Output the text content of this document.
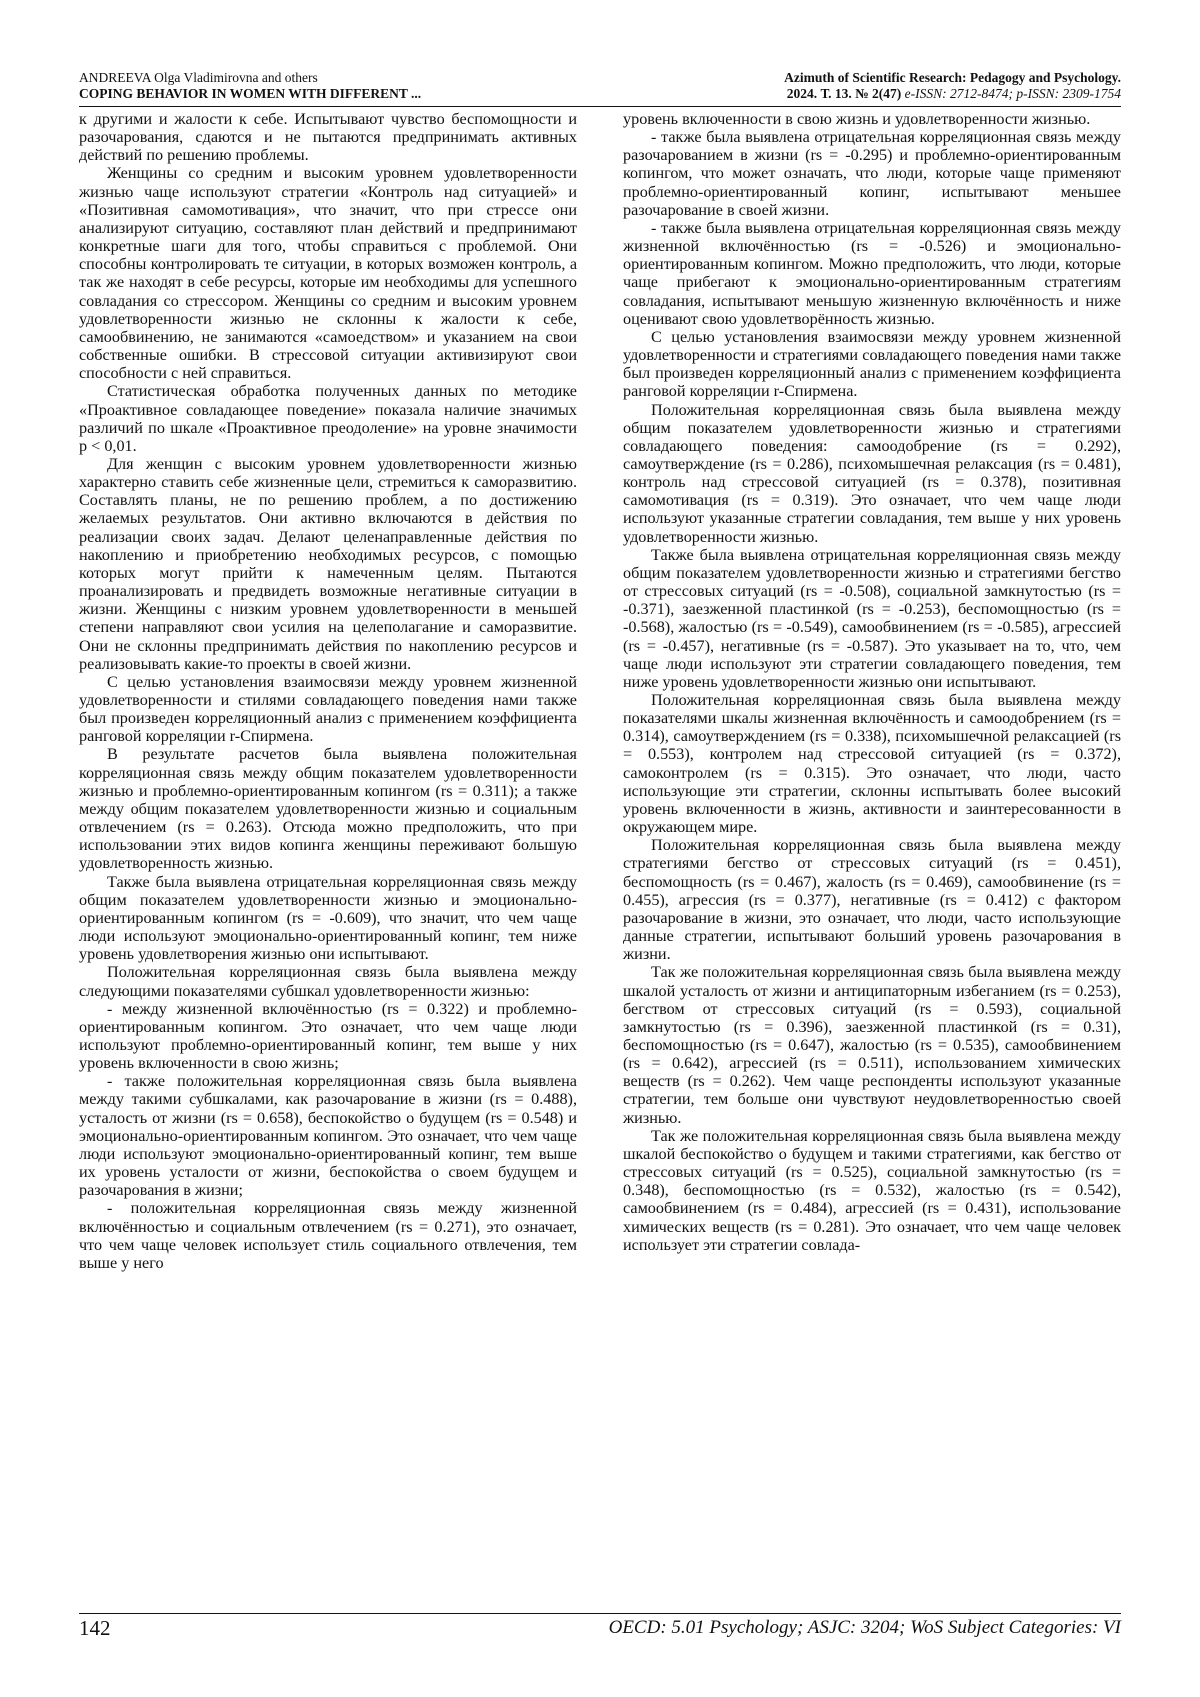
ANDREEVA Olga Vladimirovna and others
COPING BEHAVIOR IN WOMEN WITH DIFFERENT ...
Azimuth of Scientific Research: Pedagogy and Psychology.
2024. Т. 13. № 2(47) e-ISSN: 2712-8474; p-ISSN: 2309-1754

к другими и жалости к себе. Испытывают чувство беспомощности и разочарования, сдаются и не пытаются предпринимать активных действий по решению проблемы.

Женщины со средним и высоким уровнем удовлетворенности жизнью чаще используют стратегии «Контроль над ситуацией» и «Позитивная самомотивация», что значит, что при стрессе они анализируют ситуацию, составляют план действий и предпринимают конкретные шаги для того, чтобы справиться с проблемой. Они способны контролировать те ситуации, в которых возможен контроль, а так же находят в себе ресурсы, которые им необходимы для успешного совладания со стрессором. Женщины со средним и высоким уровнем удовлетворенности жизнью не склонны к жалости к себе, самообвинению, не занимаются «самоедством» и указанием на свои собственные ошибки. В стрессовой ситуации активизируют свои способности с ней справиться.

Статистическая обработка полученных данных по методике «Проактивное совладающее поведение» показала наличие значимых различий по шкале «Проактивное преодоление» на уровне значимости p < 0,01.

Для женщин с высоким уровнем удовлетворенности жизнью характерно ставить себе жизненные цели, стремиться к саморазвитию. Составлять планы, не по решению проблем, а по достижению желаемых результатов. Они активно включаются в действия по реализации своих задач. Делают целенаправленные действия по накоплению и приобретению необходимых ресурсов, с помощью которых могут прийти к намеченным целям. Пытаются проанализировать и предвидеть возможные негативные ситуации в жизни. Женщины с низким уровнем удовлетворенности в меньшей степени направляют свои усилия на целеполагание и саморазвитие. Они не склонны предпринимать действия по накоплению ресурсов и реализовывать какие-то проекты в своей жизни.

С целью установления взаимосвязи между уровнем жизненной удовлетворенности и стилями совладающего поведения нами также был произведен корреляционный анализ с применением коэффициента ранговой корреляции r-Спирмена.

В результате расчетов была выявлена положительная корреляционная связь между общим показателем удовлетворенности жизнью и проблемно-ориентированным копингом (rs = 0.311); а также между общим показателем удовлетворенности жизнью и социальным отвлечением (rs = 0.263). Отсюда можно предположить, что при использовании этих видов копинга женщины переживают большую удовлетворенность жизнью.

Также была выявлена отрицательная корреляционная связь между общим показателем удовлетворенности жизнью и эмоционально-ориентированным копингом (rs = -0.609), что значит, что чем чаще люди используют эмоционально-ориентированный копинг, тем ниже уровень удовлетворения жизнью они испытывают.

Положительная корреляционная связь была выявлена между следующими показателями субшкал удовлетворенности жизнью:

- между жизненной включённостью (rs = 0.322) и проблемно-ориентированным копингом. Это означает, что чем чаще люди используют проблемно-ориентированный копинг, тем выше у них уровень включенности в свою жизнь;

- также положительная корреляционная связь была выявлена между такими субшкалами, как разочарование в жизни (rs = 0.488), усталость от жизни (rs = 0.658), беспокойство о будущем (rs = 0.548) и эмоционально-ориентированным копингом. Это означает, что чем чаще люди используют эмоционально-ориентированный копинг, тем выше их уровень усталости от жизни, беспокойства о своем будущем и разочарования в жизни;

- положительная корреляционная связь между жизненной включённостью и социальным отвлечением (rs = 0.271), это означает, что чем чаще человек использует стиль социального отвлечения, тем выше у него

уровень включенности в свою жизнь и удовлетворенности жизнью.

- также была выявлена отрицательная корреляционная связь между разочарованием в жизни (rs = -0.295) и проблемно-ориентированным копингом, что может означать, что люди, которые чаще применяют проблемно-ориентированный копинг, испытывают меньшее разочарование в своей жизни.

- также была выявлена отрицательная корреляционная связь между жизненной включённостью (rs = -0.526) и эмоционально-ориентированным копингом. Можно предположить, что люди, которые чаще прибегают к эмоционально-ориентированным стратегиям совладания, испытывают меньшую жизненную включённость и ниже оценивают свою удовлетворённость жизнью.

С целью установления взаимосвязи между уровнем жизненной удовлетворенности и стратегиями совладающего поведения нами также был произведен корреляционный анализ с применением коэффициента ранговой корреляции r-Спирмена.

Положительная корреляционная связь была выявлена между общим показателем удовлетворенности жизнью и стратегиями совладающего поведения: самоодобрение (rs = 0.292), самоутверждение (rs = 0.286), психомышечная релаксация (rs = 0.481), контроль над стрессовой ситуацией (rs = 0.378), позитивная самомотивация (rs = 0.319). Это означает, что чем чаще люди используют указанные стратегии совладания, тем выше у них уровень удовлетворенности жизнью.

Также была выявлена отрицательная корреляционная связь между общим показателем удовлетворенности жизнью и стратегиями бегство от стрессовых ситуаций (rs = -0.508), социальной замкнутостью (rs = -0.371), заезженной пластинкой (rs = -0.253), беспомощностью (rs = -0.568), жалостью (rs = -0.549), самообвинением (rs = -0.585), агрессией (rs = -0.457), негативные (rs = -0.587). Это указывает на то, что, чем чаще люди используют эти стратегии совладающего поведения, тем ниже уровень удовлетворенности жизнью они испытывают.

Положительная корреляционная связь была выявлена между показателями шкалы жизненная включённость и самоодобрением (rs = 0.314), самоутверждением (rs = 0.338), психомышечной релаксацией (rs = 0.553), контролем над стрессовой ситуацией (rs = 0.372), самоконтролем (rs = 0.315). Это означает, что люди, часто использующие эти стратегии, склонны испытывать более высокий уровень включенности в жизнь, активности и заинтересованности в окружающем мире.

Положительная корреляционная связь была выявлена между стратегиями бегство от стрессовых ситуаций (rs = 0.451), беспомощность (rs = 0.467), жалость (rs = 0.469), самообвинение (rs = 0.455), агрессия (rs = 0.377), негативные (rs = 0.412) с фактором разочарование в жизни, это означает, что люди, часто использующие данные стратегии, испытывают больший уровень разочарования в жизни.

Так же положительная корреляционная связь была выявлена между шкалой усталость от жизни и антиципаторным избеганием (rs = 0.253), бегством от стрессовых ситуаций (rs = 0.593), социальной замкнутостью (rs = 0.396), заезженной пластинкой (rs = 0.31), беспомощностью (rs = 0.647), жалостью (rs = 0.535), самообвинением (rs = 0.642), агрессией (rs = 0.511), использованием химических веществ (rs = 0.262). Чем чаще респонденты используют указанные стратегии, тем больше они чувствуют неудовлетворенностью своей жизнью.

Так же положительная корреляционная связь была выявлена между шкалой беспокойство о будущем и такими стратегиями, как бегство от стрессовых ситуаций (rs = 0.525), социальной замкнутостью (rs = 0.348), беспомощностью (rs = 0.532), жалостью (rs = 0.542), самообвинением (rs = 0.484), агрессией (rs = 0.431), использование химических веществ (rs = 0.281). Это означает, что чем чаще человек использует эти стратегии совлада-

142	OECD: 5.01 Psychology; ASJC: 3204; WoS Subject Categories: VI
